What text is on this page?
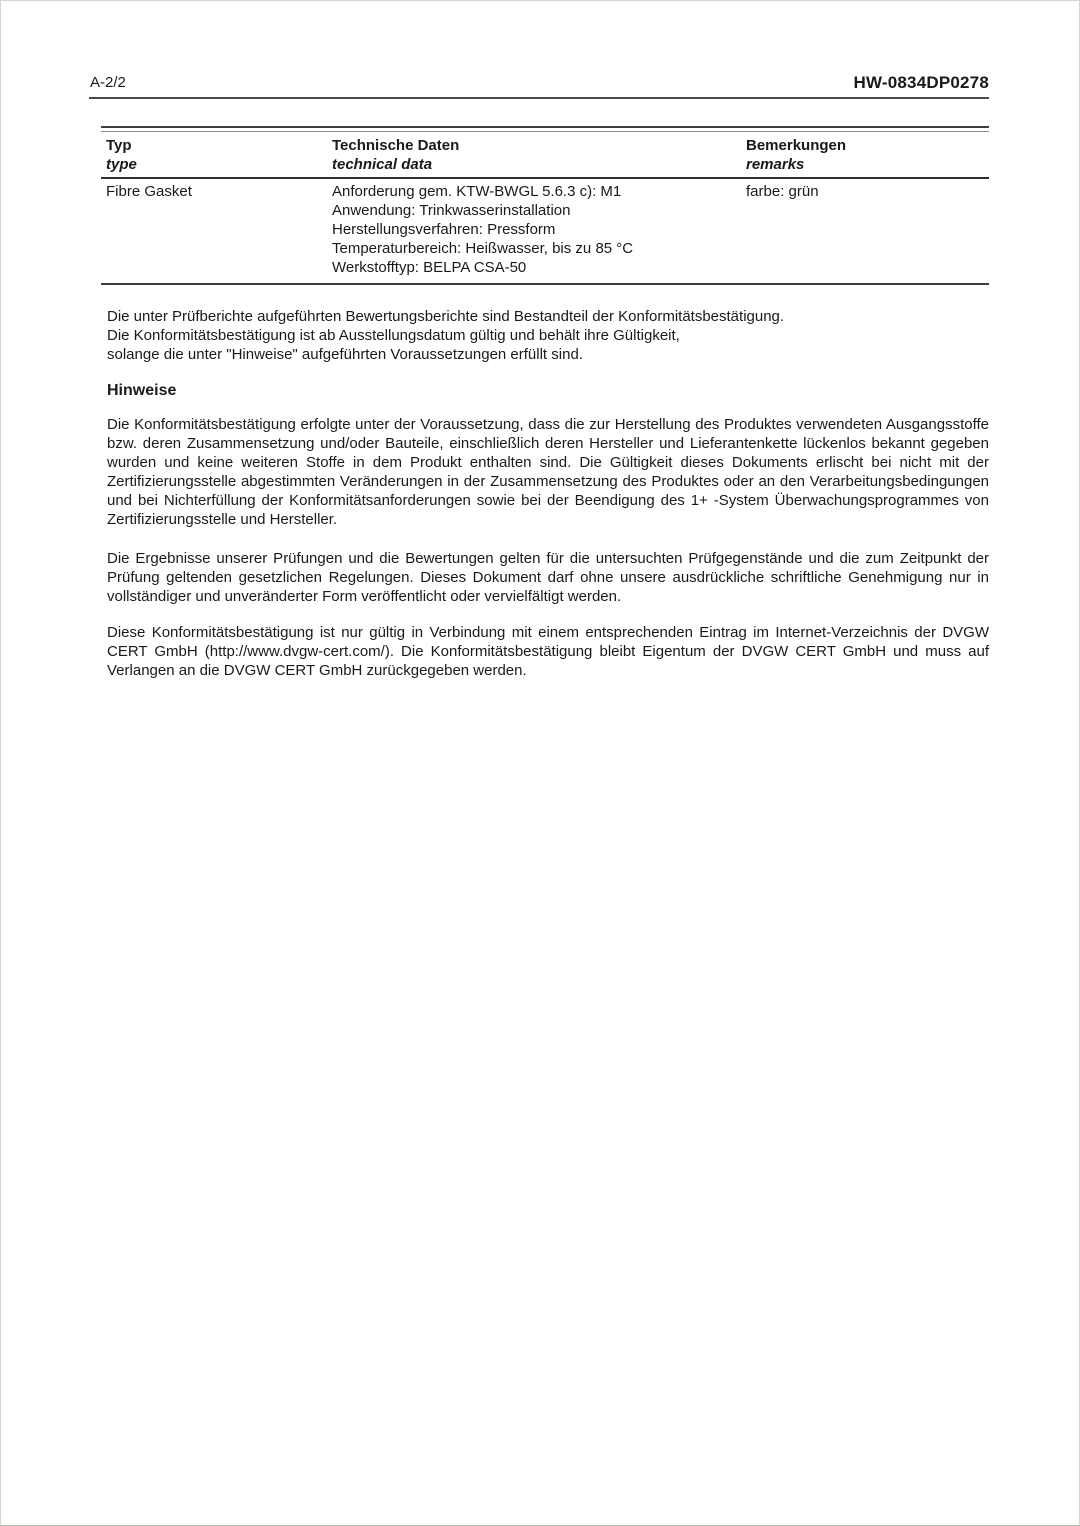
A-2/2	HW-0834DP0278
Typ
type
Technische Daten
technical data
Bemerkungen
remarks
Fibre Gasket	Anforderung gem. KTW-BWGL 5.6.3 c): M1
Anwendung: Trinkwasserinstallation
Herstellungsverfahren: Pressform
Temperaturbereich: Heißwasser, bis zu 85 °C
Werkstofftyp: BELPA CSA-50
farbe: grün
Die unter Prüfberichte aufgeführten Bewertungsberichte sind Bestandteil der Konformitätsbestätigung.
Die Konformitätsbestätigung ist ab Ausstellungsdatum gültig und behält ihre Gültigkeit,
solange die unter "Hinweise" aufgeführten Voraussetzungen erfüllt sind.
Hinweise
Die Konformitätsbestätigung erfolgte unter der Voraussetzung, dass die zur Herstellung des Produktes verwendeten Ausgangsstoffe bzw. deren Zusammensetzung und/oder Bauteile, einschließlich deren Hersteller und Lieferantenkette lückenlos bekannt gegeben wurden und keine weiteren Stoffe in dem Produkt enthalten sind. Die Gültigkeit dieses Dokuments erlischt bei nicht mit der Zertifizierungsstelle abgestimmten Veränderungen in der Zusammensetzung des Produktes oder an den Verarbeitungsbedingungen und bei Nichterfüllung der Konformitätsanforderungen sowie bei der Beendigung des 1+ -System Überwachungsprogrammes von Zertifizierungsstelle und Hersteller.
Die Ergebnisse unserer Prüfungen und die Bewertungen gelten für die untersuchten Prüfgegenstände und die zum Zeitpunkt der Prüfung geltenden gesetzlichen Regelungen. Dieses Dokument darf ohne unsere ausdrückliche schriftliche Genehmigung nur in vollständiger und unveränderter Form veröffentlicht oder vervielfältigt werden.
Diese Konformitätsbestätigung ist nur gültig in Verbindung mit einem entsprechenden Eintrag im Internet-Verzeichnis der DVGW CERT GmbH (http://www.dvgw-cert.com/). Die Konformitätsbestätigung bleibt Eigentum der DVGW CERT GmbH und muss auf Verlangen an die DVGW CERT GmbH zurückgegeben werden.
